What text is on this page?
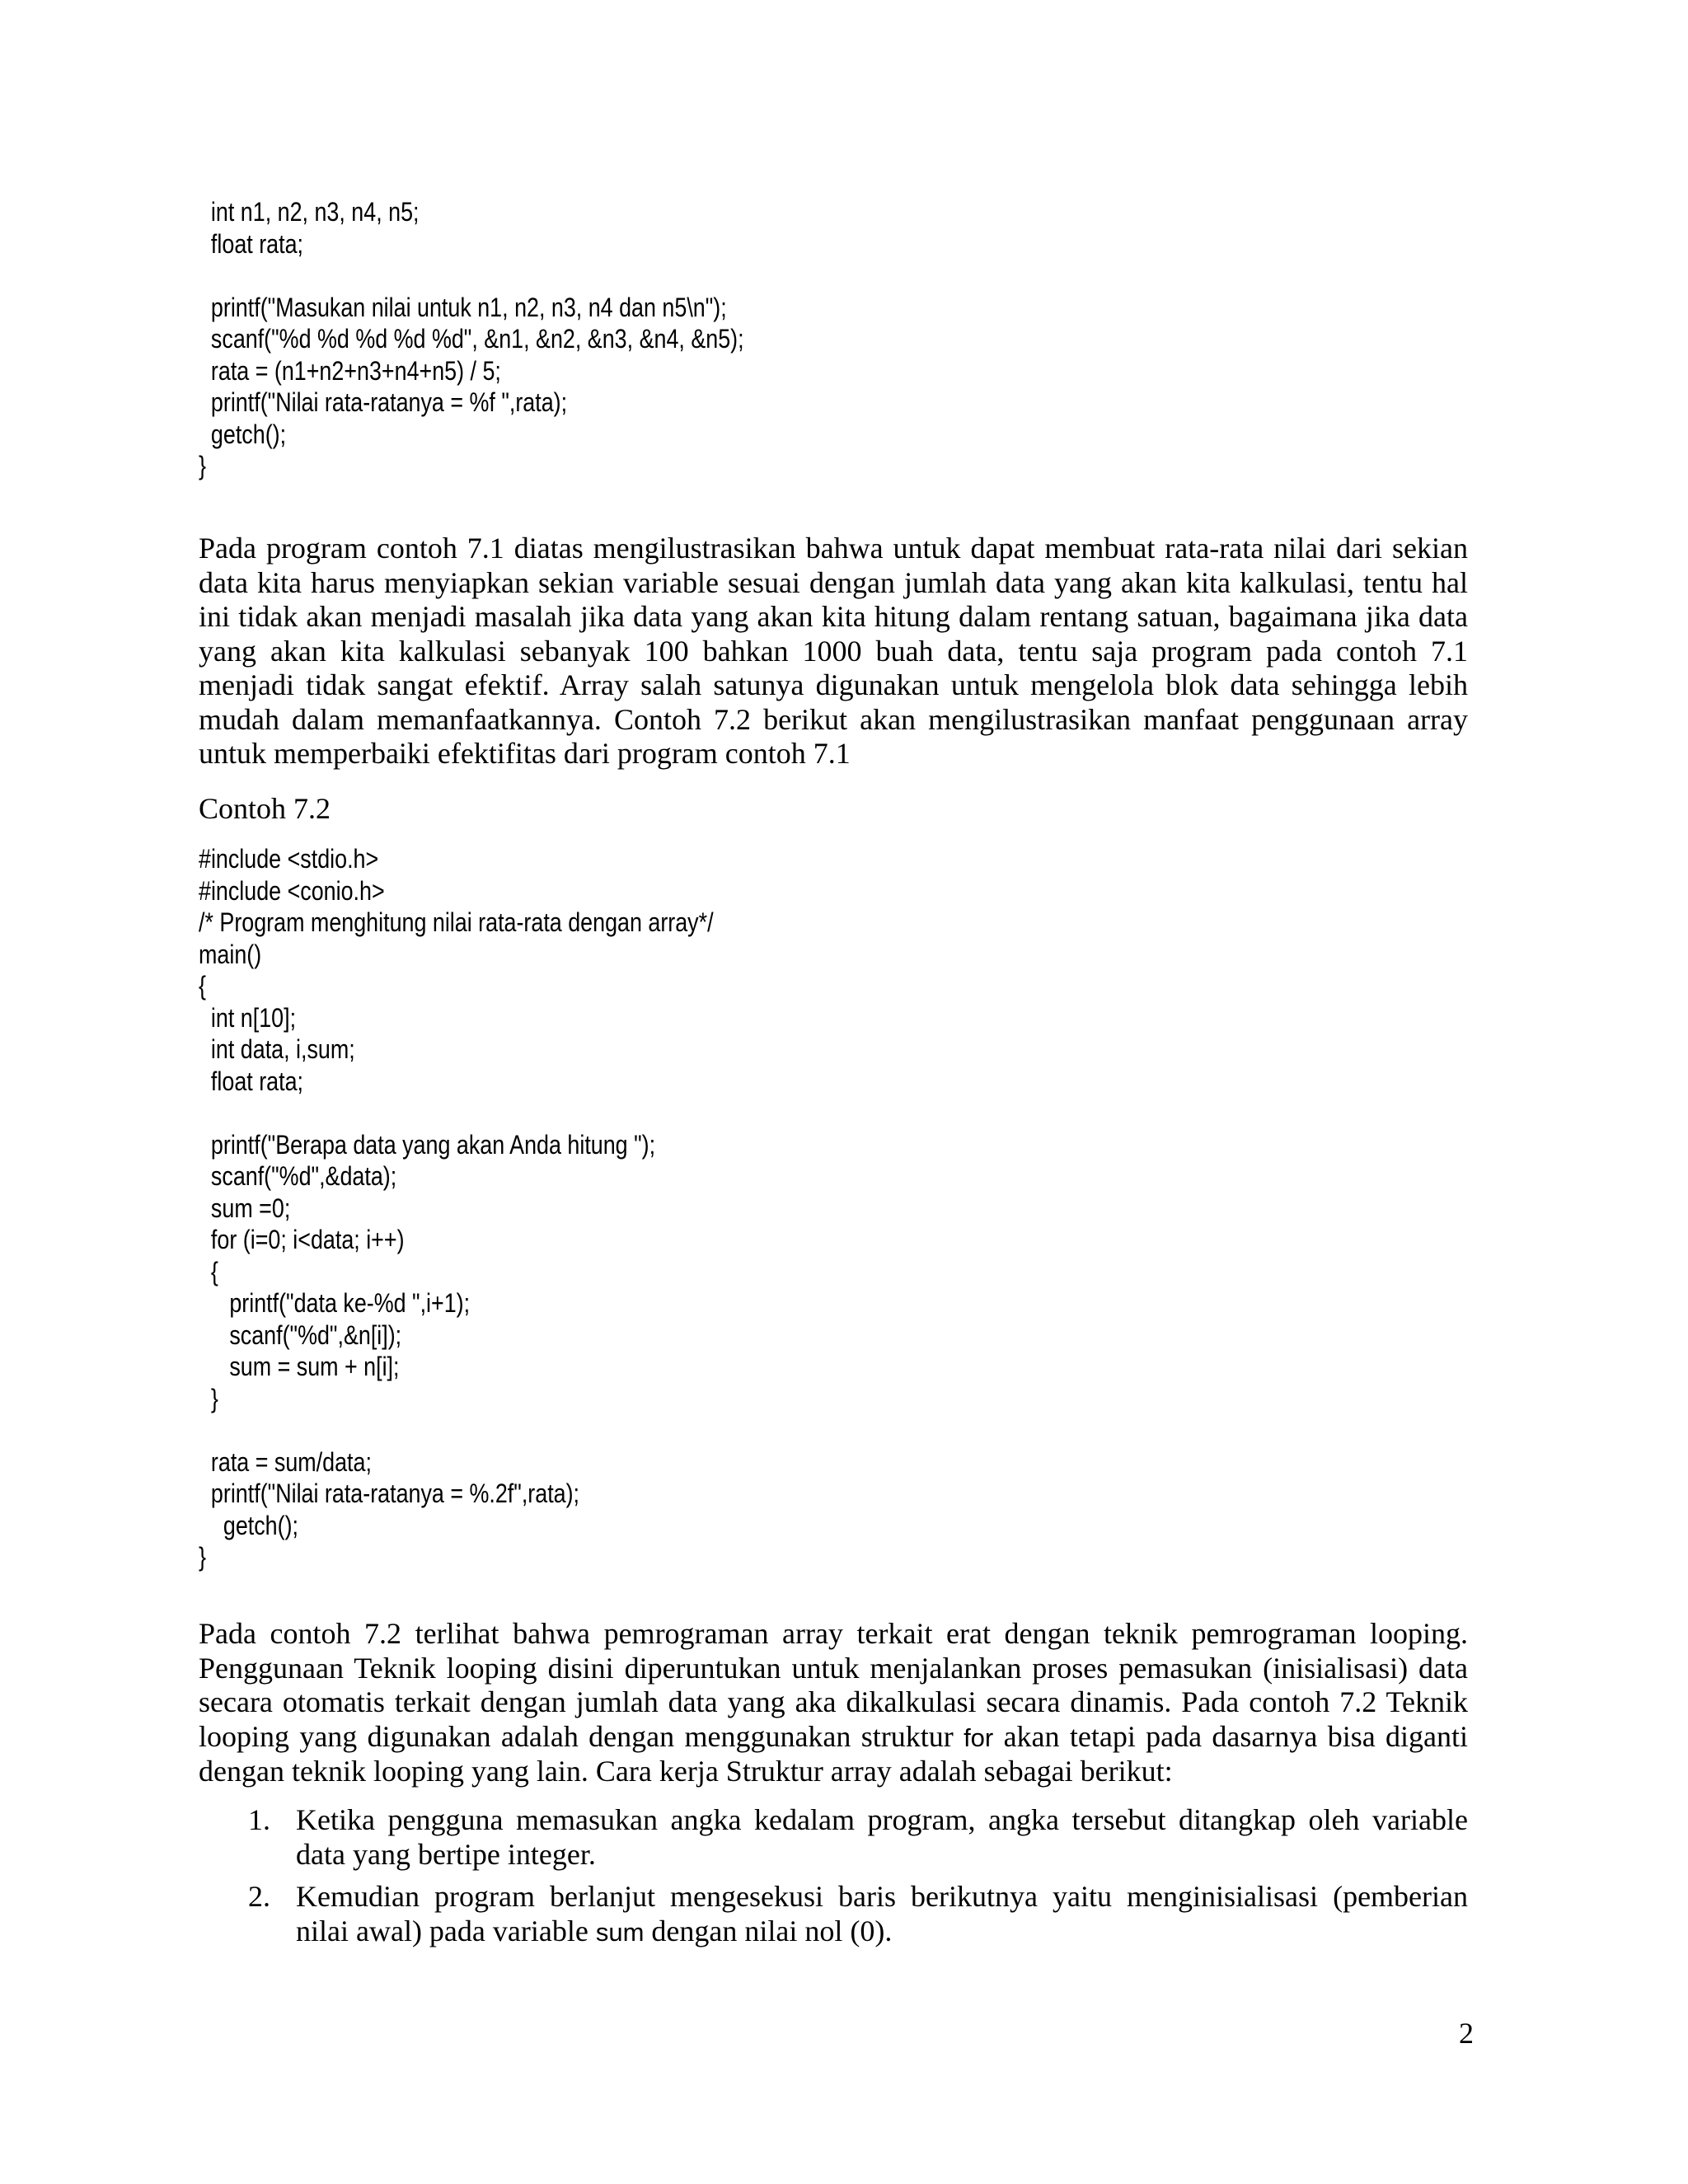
int n1, n2, n3, n4, n5;
float rata;
printf("Masukan nilai untuk n1, n2, n3, n4 dan n5\n");
scanf("%d %d %d %d %d", &n1, &n2, &n3, &n4, &n5);
rata = (n1+n2+n3+n4+n5) / 5;
printf("Nilai rata-ratanya = %f ",rata);
getch();
}

Pada program contoh 7.1 diatas mengilustrasikan bahwa untuk dapat membuat rata-rata nilai dari sekian data kita harus menyiapkan sekian variable sesuai dengan jumlah data yang akan kita kalkulasi, tentu hal ini tidak akan menjadi masalah jika data yang akan kita hitung dalam rentang satuan, bagaimana jika data yang akan kita kalkulasi sebanyak 100 bahkan 1000 buah data, tentu saja program pada contoh 7.1 menjadi tidak sangat efektif. Array salah satunya digunakan untuk mengelola blok data sehingga lebih mudah dalam memanfaatkannya. Contoh 7.2 berikut akan mengilustrasikan manfaat penggunaan array untuk memperbaiki efektifitas dari program contoh 7.1

Contoh 7.2
#include <stdio.h>
#include <conio.h>
/* Program menghitung nilai rata-rata dengan array*/
main()
{
int n[10];
int data, i,sum;
float rata;
printf("Berapa data yang akan Anda hitung ");
scanf("%d",&data);
sum =0;
for (i=0; i<data; i++)
{
printf("data ke-%d ",i+1);
scanf("%d",&n[i]);
sum = sum + n[i];
}
rata = sum/data;
printf("Nilai rata-ratanya = %.2f",rata);
getch();
}

Pada contoh 7.2 terlihat bahwa pemrograman array terkait erat dengan teknik pemrograman looping. Penggunaan Teknik looping disini diperuntukan untuk menjalankan proses pemasukan (inisialisasi) data secara otomatis terkait dengan jumlah data yang aka dikalkulasi secara dinamis. Pada contoh 7.2 Teknik looping yang digunakan adalah dengan menggunakan struktur for akan tetapi pada dasarnya bisa diganti dengan teknik looping yang lain. Cara kerja Struktur array adalah sebagai berikut:

1. Ketika pengguna memasukan angka kedalam program, angka tersebut ditangkap oleh variable data yang bertipe integer.
2. Kemudian program berlanjut mengesekusi baris berikutnya yaitu menginisialisasi (pemberian nilai awal) pada variable sum dengan nilai nol (0).
2
